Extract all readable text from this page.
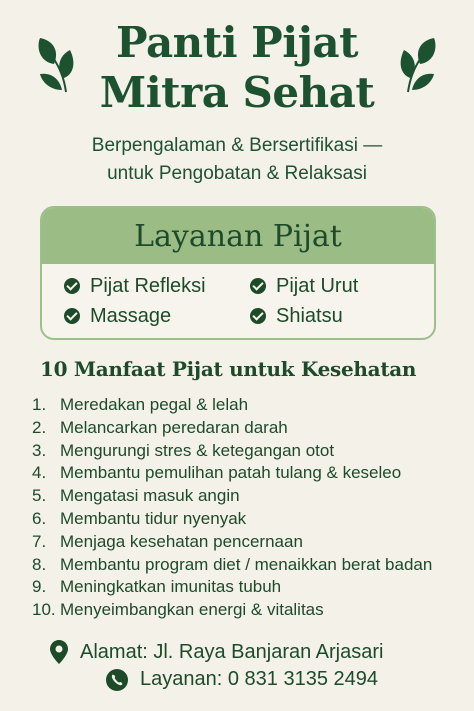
Panti Pijat
Mitra Sehat
Berpengalaman & Bersertifikasi —
untuk Pengobatan & Relaksasi
Layanan Pijat
Pijat Refleksi	Pijat Urut
Massage	Shiatsu
10 Manfaat Pijat untuk Kesehatan
1. Meredakan pegal & lelah
2. Melancarkan peredaran darah
3. Mengurungi stres & ketegangan otot
4. Membantu pemulihan patah tulang & keseleo
5. Mengatasi masuk angin
6. Membantu tidur nyenyak
7. Menjaga kesehatan pencernaan
8. Membantu program diet / menaikkan berat badan
9. Meningkatkan imunitas tubuh
10. Menyeimbangkan energi & vitalitas
Alamat: Jl. Raya Banjaran Arjasari
Layanan: 0 831 3135 2494
